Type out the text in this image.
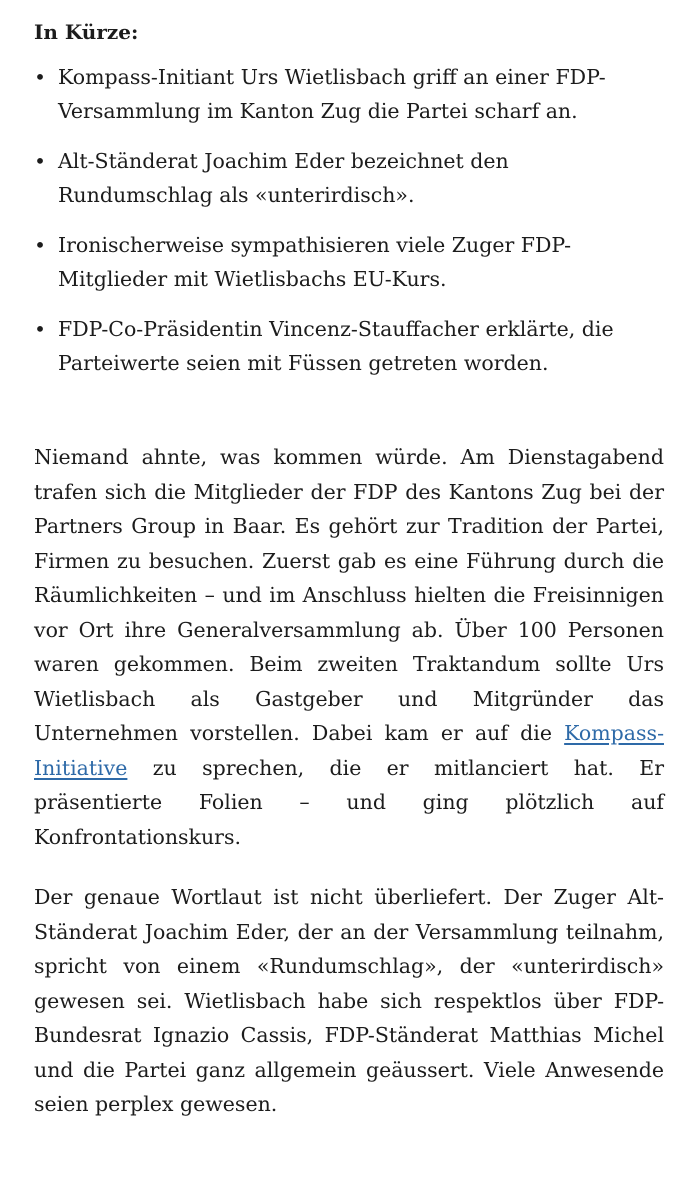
In Kürze:
• Kompass-Initiant Urs Wietlisbach griff an einer FDP-Versammlung im Kanton Zug die Partei scharf an.
• Alt-Ständerat Joachim Eder bezeichnet den Rundumschlag als «unterirdisch».
• Ironischerweise sympathisieren viele Zuger FDP-Mitglieder mit Wietlisbachs EU-Kurs.
• FDP-Co-Präsidentin Vincenz-Stauffacher erklärte, die Parteiwerte seien mit Füssen getreten worden.

Niemand ahnte, was kommen würde. Am Dienstagabend trafen sich die Mitglieder der FDP des Kantons Zug bei der Partners Group in Baar. Es gehört zur Tradition der Partei, Firmen zu besuchen. Zuerst gab es eine Führung durch die Räumlichkeiten – und im Anschluss hielten die Freisinnigen vor Ort ihre Generalversammlung ab. Über 100 Personen waren gekommen. Beim zweiten Traktandum sollte Urs Wietlisbach als Gastgeber und Mitgründer das Unternehmen vorstellen. Dabei kam er auf die Kompass-Initiative zu sprechen, die er mitlanciert hat. Er präsentierte Folien – und ging plötzlich auf Konfrontationskurs.

Der genaue Wortlaut ist nicht überliefert. Der Zuger Alt-Ständerat Joachim Eder, der an der Versammlung teilnahm, spricht von einem «Rundumschlag», der «unterirdisch» gewesen sei. Wietlisbach habe sich respektlos über FDP-Bundesrat Ignazio Cassis, FDP-Ständerat Matthias Michel und die Partei ganz allgemein geäussert. Viele Anwesende seien perplex gewesen.
